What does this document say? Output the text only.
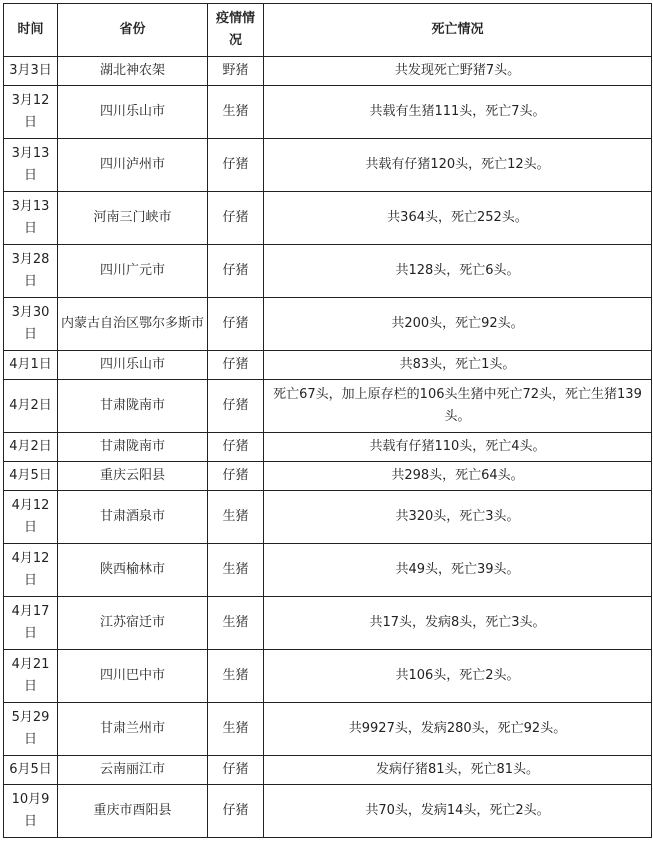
时间	省份	疫情情况	死亡情况
3月3日	湖北神农架	野猪	共发现死亡野猪7头。
3月12日	四川乐山市	生猪	共载有生猪111头，死亡7头。
3月13日	四川泸州市	仔猪	共载有仔猪120头，死亡12头。
3月13日	河南三门峡市	仔猪	共364头，死亡252头。
3月28日	四川广元市	仔猪	共128头，死亡6头。
3月30日	内蒙古自治区鄂尔多斯市	仔猪	共200头，死亡92头。
4月1日	四川乐山市	仔猪	共83头，死亡1头。
4月2日	甘肃陇南市	仔猪	死亡67头，加上原存栏的106头生猪中死亡72头，死亡生猪139头。
4月2日	甘肃陇南市	仔猪	共载有仔猪110头，死亡4头。
4月5日	重庆云阳县	仔猪	共298头，死亡64头。
4月12日	甘肃酒泉市	生猪	共320头，死亡3头。
4月12日	陕西榆林市	生猪	共49头，死亡39头。
4月17日	江苏宿迁市	生猪	共17头，发病8头，死亡3头。
4月21日	四川巴中市	生猪	共106头，死亡2头。
5月29日	甘肃兰州市	生猪	共9927头，发病280头，死亡92头。
6月5日	云南丽江市	仔猪	发病仔猪81头，死亡81头。
10月9日	重庆市酉阳县	仔猪	共70头，发病14头，死亡2头。
